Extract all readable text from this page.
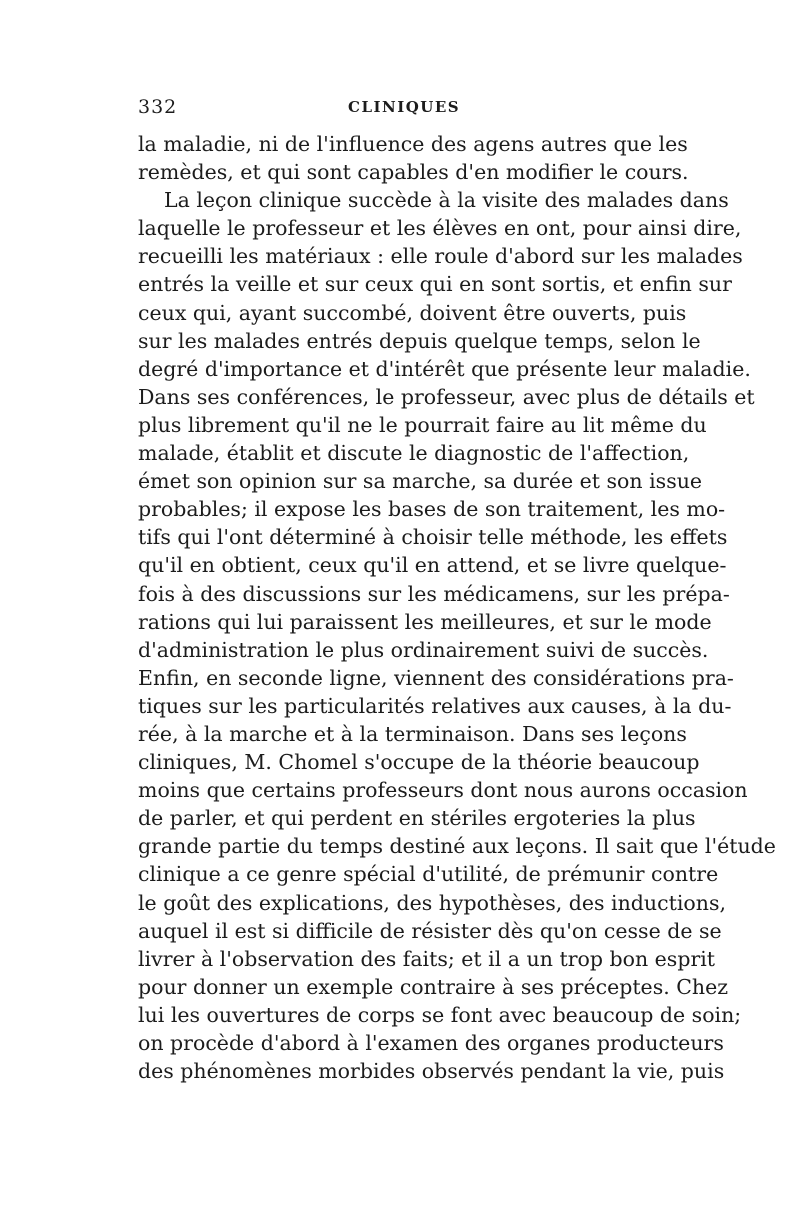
332	CLINIQUES
la maladie, ni de l'influence des agens autres que les
remèdes, et qui sont capables d'en modifier le cours.
La leçon clinique succède à la visite des malades dans
laquelle le professeur et les élèves en ont, pour ainsi dire,
recueilli les matériaux : elle roule d'abord sur les malades
entrés la veille et sur ceux qui en sont sortis, et enfin sur
ceux qui, ayant succombé, doivent être ouverts, puis
sur les malades entrés depuis quelque temps, selon le
degré d'importance et d'intérêt que présente leur maladie.
Dans ses conférences, le professeur, avec plus de détails et
plus librement qu'il ne le pourrait faire au lit même du
malade, établit et discute le diagnostic de l'affection,
émet son opinion sur sa marche, sa durée et son issue
probables; il expose les bases de son traitement, les mo-
tifs qui l'ont déterminé à choisir telle méthode, les effets
qu'il en obtient, ceux qu'il en attend, et se livre quelque-
fois à des discussions sur les médicamens, sur les prépa-
rations qui lui paraissent les meilleures, et sur le mode
d'administration le plus ordinairement suivi de succès.
Enfin, en seconde ligne, viennent des considérations pra-
tiques sur les particularités relatives aux causes, à la du-
rée, à la marche et à la terminaison. Dans ses leçons
cliniques, M. Chomel s'occupe de la théorie beaucoup
moins que certains professeurs dont nous aurons occasion
de parler, et qui perdent en stériles ergoteries la plus
grande partie du temps destiné aux leçons. Il sait que l'étude
clinique a ce genre spécial d'utilité, de prémunir contre
le goût des explications, des hypothèses, des inductions,
auquel il est si difficile de résister dès qu'on cesse de se
livrer à l'observation des faits; et il a un trop bon esprit
pour donner un exemple contraire à ses préceptes. Chez
lui les ouvertures de corps se font avec beaucoup de soin;
on procède d'abord à l'examen des organes producteurs
des phénomènes morbides observés pendant la vie, puis
